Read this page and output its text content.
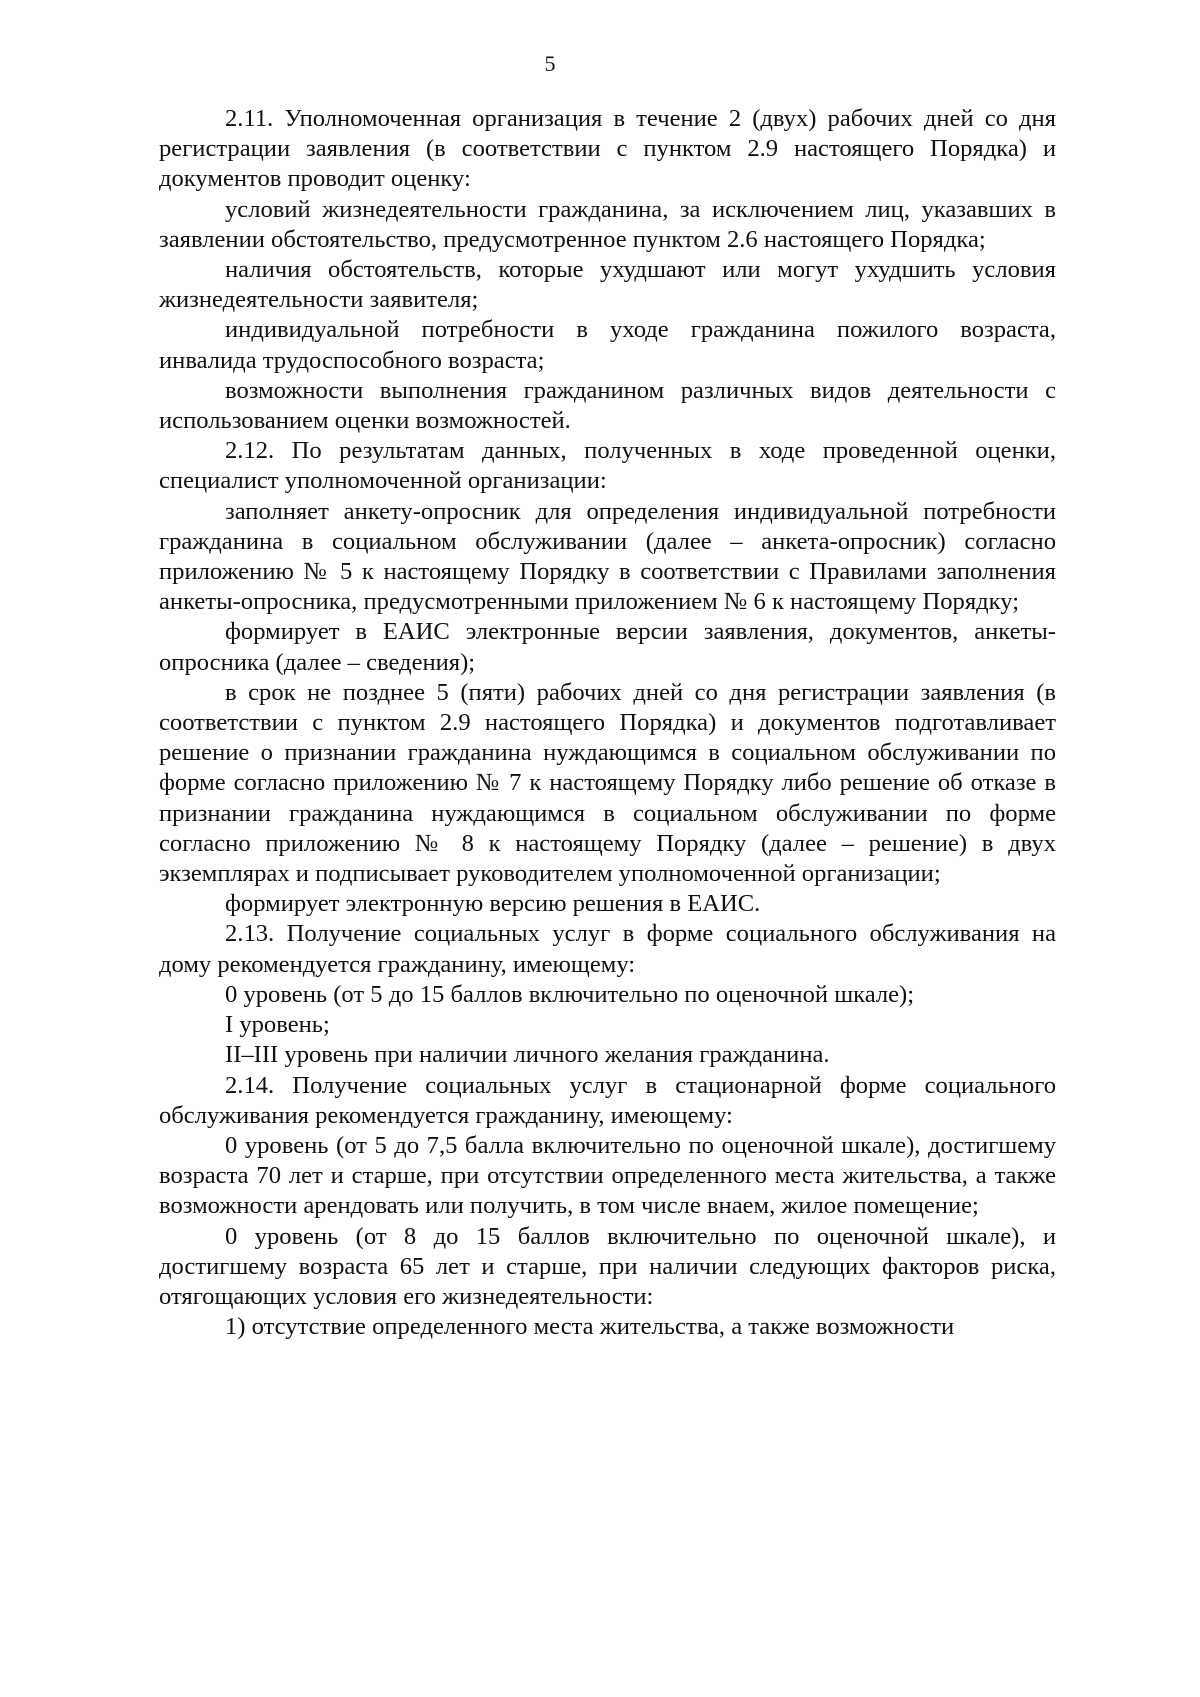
5

2.11. Уполномоченная организация в течение 2 (двух) рабочих дней со дня регистрации заявления (в соответствии с пунктом 2.9 настоящего Порядка) и документов проводит оценку:

условий жизнедеятельности гражданина, за исключением лиц, указавших в заявлении обстоятельство, предусмотренное пунктом 2.6 настоящего Порядка;

наличия обстоятельств, которые ухудшают или могут ухудшить условия жизнедеятельности заявителя;

индивидуальной потребности в уходе гражданина пожилого возраста, инвалида трудоспособного возраста;

возможности выполнения гражданином различных видов деятельности с использованием оценки возможностей.

2.12. По результатам данных, полученных в ходе проведенной оценки, специалист уполномоченной организации:

заполняет анкету-опросник для определения индивидуальной потребности гражданина в социальном обслуживании (далее – анкета-опросник) согласно приложению № 5 к настоящему Порядку в соответствии с Правилами заполнения анкеты-опросника, предусмотренными приложением № 6 к настоящему Порядку;

формирует в ЕАИС электронные версии заявления, документов, анкеты-опросника (далее – сведения);

в срок не позднее 5 (пяти) рабочих дней со дня регистрации заявления (в соответствии с пунктом 2.9 настоящего Порядка) и документов подготавливает решение о признании гражданина нуждающимся в социальном обслуживании по форме согласно приложению № 7 к настоящему Порядку либо решение об отказе в признании гражданина нуждающимся в социальном обслуживании по форме согласно приложению № 8 к настоящему Порядку (далее – решение) в двух экземплярах и подписывает руководителем уполномоченной организации;

формирует электронную версию решения в ЕАИС.

2.13. Получение социальных услуг в форме социального обслуживания на дому рекомендуется гражданину, имеющему:

0 уровень (от 5 до 15 баллов включительно по оценочной шкале);

I уровень;

II–III уровень при наличии личного желания гражданина.

2.14. Получение социальных услуг в стационарной форме социального обслуживания рекомендуется гражданину, имеющему:

0 уровень (от 5 до 7,5 балла включительно по оценочной шкале), достигшему возраста 70 лет и старше, при отсутствии определенного места жительства, а также возможности арендовать или получить, в том числе внаем, жилое помещение;

0 уровень (от 8 до 15 баллов включительно по оценочной шкале), и достигшему возраста 65 лет и старше, при наличии следующих факторов риска, отягощающих условия его жизнедеятельности:

1) отсутствие определенного места жительства, а также возможности
